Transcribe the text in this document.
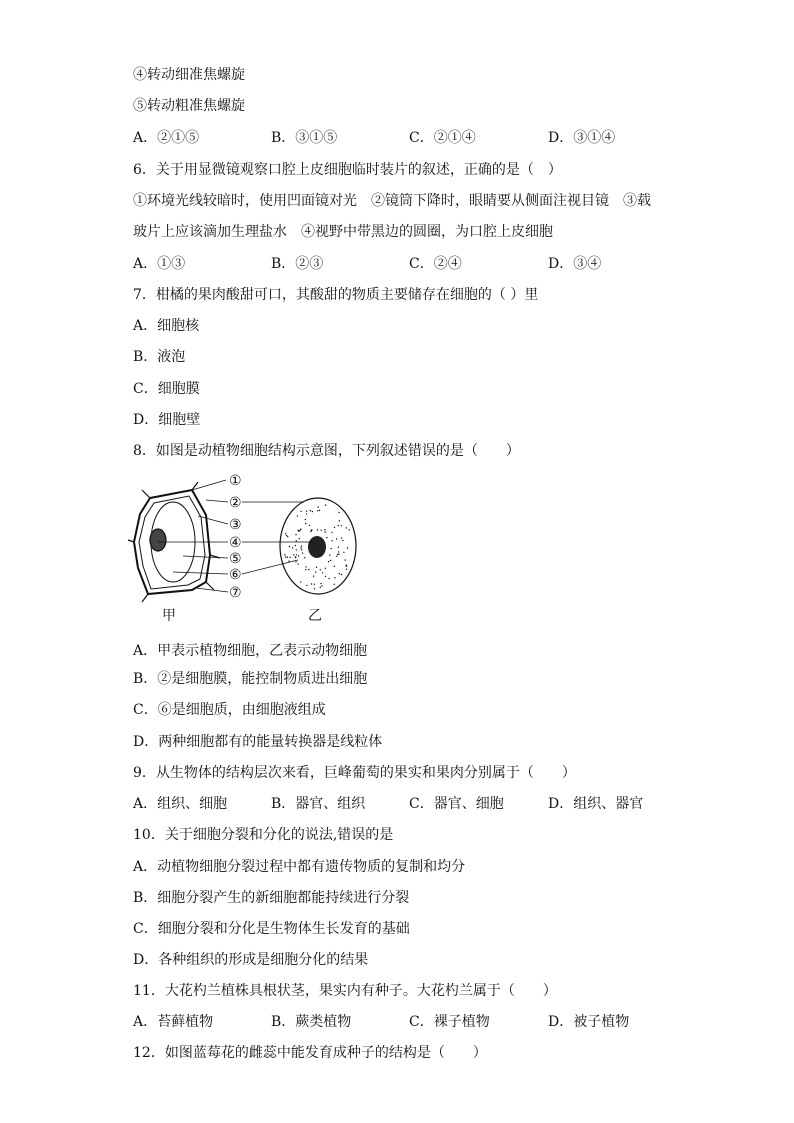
④转动细准焦螺旋
⑤转动粗准焦螺旋
A．②①⑤	B．③①⑤	C．②①④	D．③①④
6．关于用显微镜观察口腔上皮细胞临时装片的叙述，正确的是（　）
①环境光线较暗时，使用凹面镜对光　②镜筒下降时，眼睛要从侧面注视目镜　③载
玻片上应该滴加生理盐水　④视野中带黑边的圆圈，为口腔上皮细胞
A．①③	B．②③	C．②④	D．③④
7．柑橘的果肉酸甜可口，其酸甜的物质主要储存在细胞的（ ）里
A．细胞核
B．液泡
C．细胞膜
D．细胞壁
8．如图是动植物细胞结构示意图，下列叙述错误的是（　　）
①
②
③
④
⑤
⑥
⑦
甲	乙
A．甲表示植物细胞，乙表示动物细胞
B．②是细胞膜，能控制物质进出细胞
C．⑥是细胞质，由细胞液组成
D．两种细胞都有的能量转换器是线粒体
9．从生物体的结构层次来看，巨峰葡萄的果实和果肉分别属于（　　）
A．组织、细胞	B．器官、组织	C．器官、细胞	D．组织、器官
10．关于细胞分裂和分化的说法,错误的是
A．动植物细胞分裂过程中都有遗传物质的复制和均分
B．细胞分裂产生的新细胞都能持续进行分裂
C．细胞分裂和分化是生物体生长发育的基础
D．各种组织的形成是细胞分化的结果
11．大花杓兰植株具根状茎，果实内有种子。大花杓兰属于（　　）
A．苔藓植物	B．蕨类植物	C．裸子植物	D．被子植物
12．如图蓝莓花的雌蕊中能发育成种子的结构是（　　）
